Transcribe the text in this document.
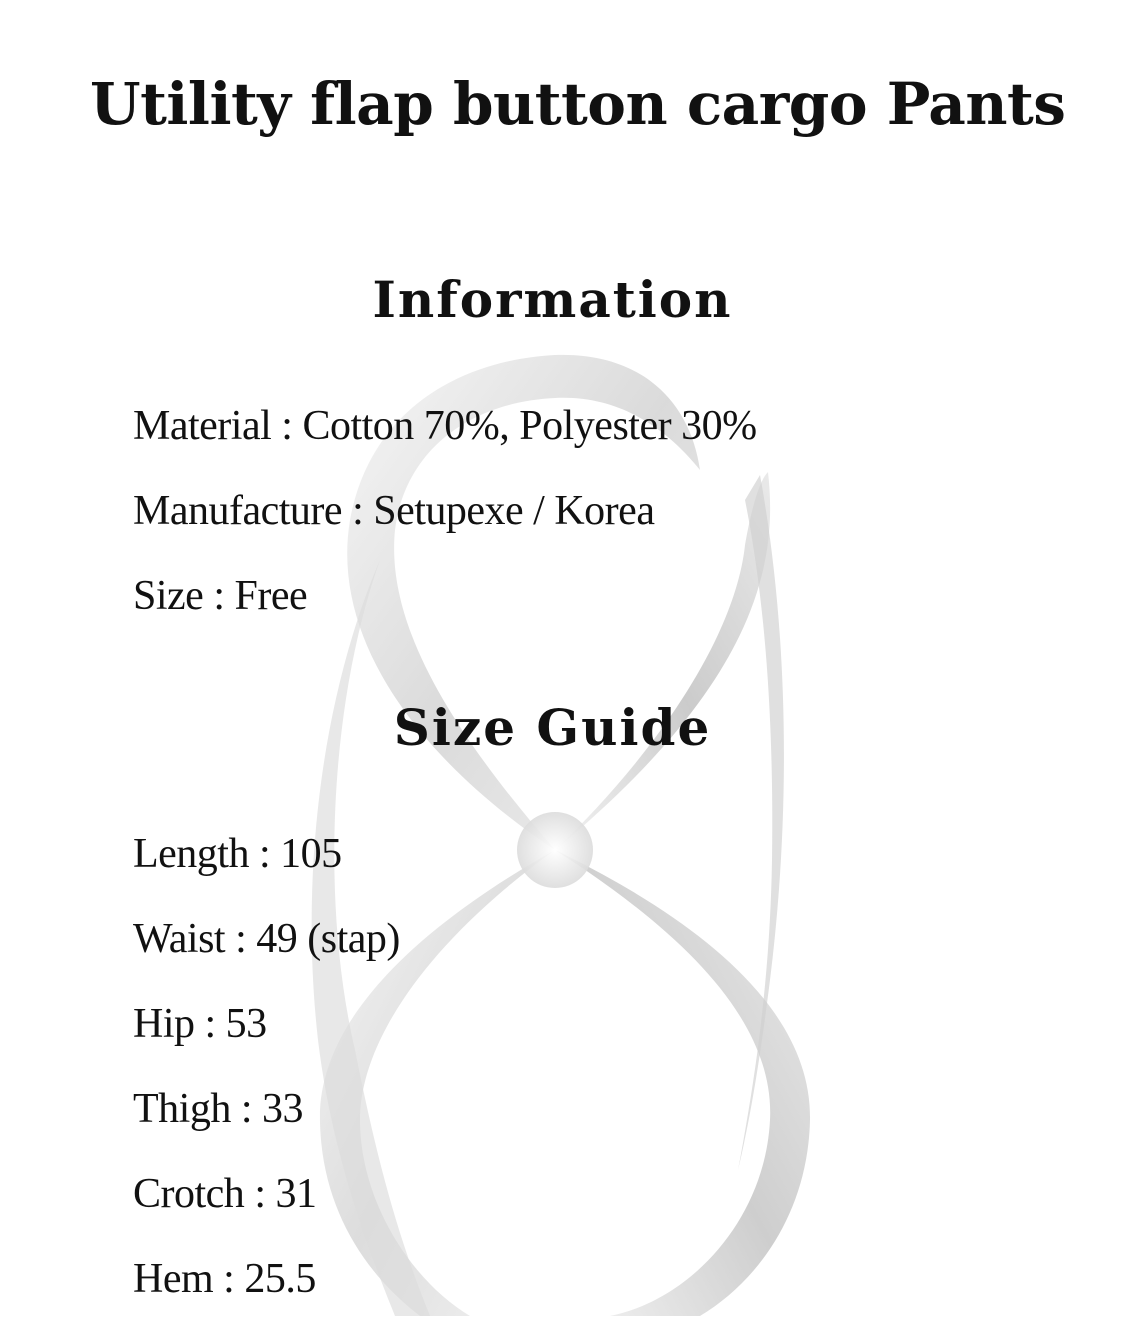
Utility flap button cargo Pants
Information
Material : Cotton 70%, Polyester 30%
Manufacture : Setupexe / Korea
Size : Free
Size Guide
Length : 105
Waist : 49 (stap)
Hip : 53
Thigh : 33
Crotch : 31
Hem : 25.5
